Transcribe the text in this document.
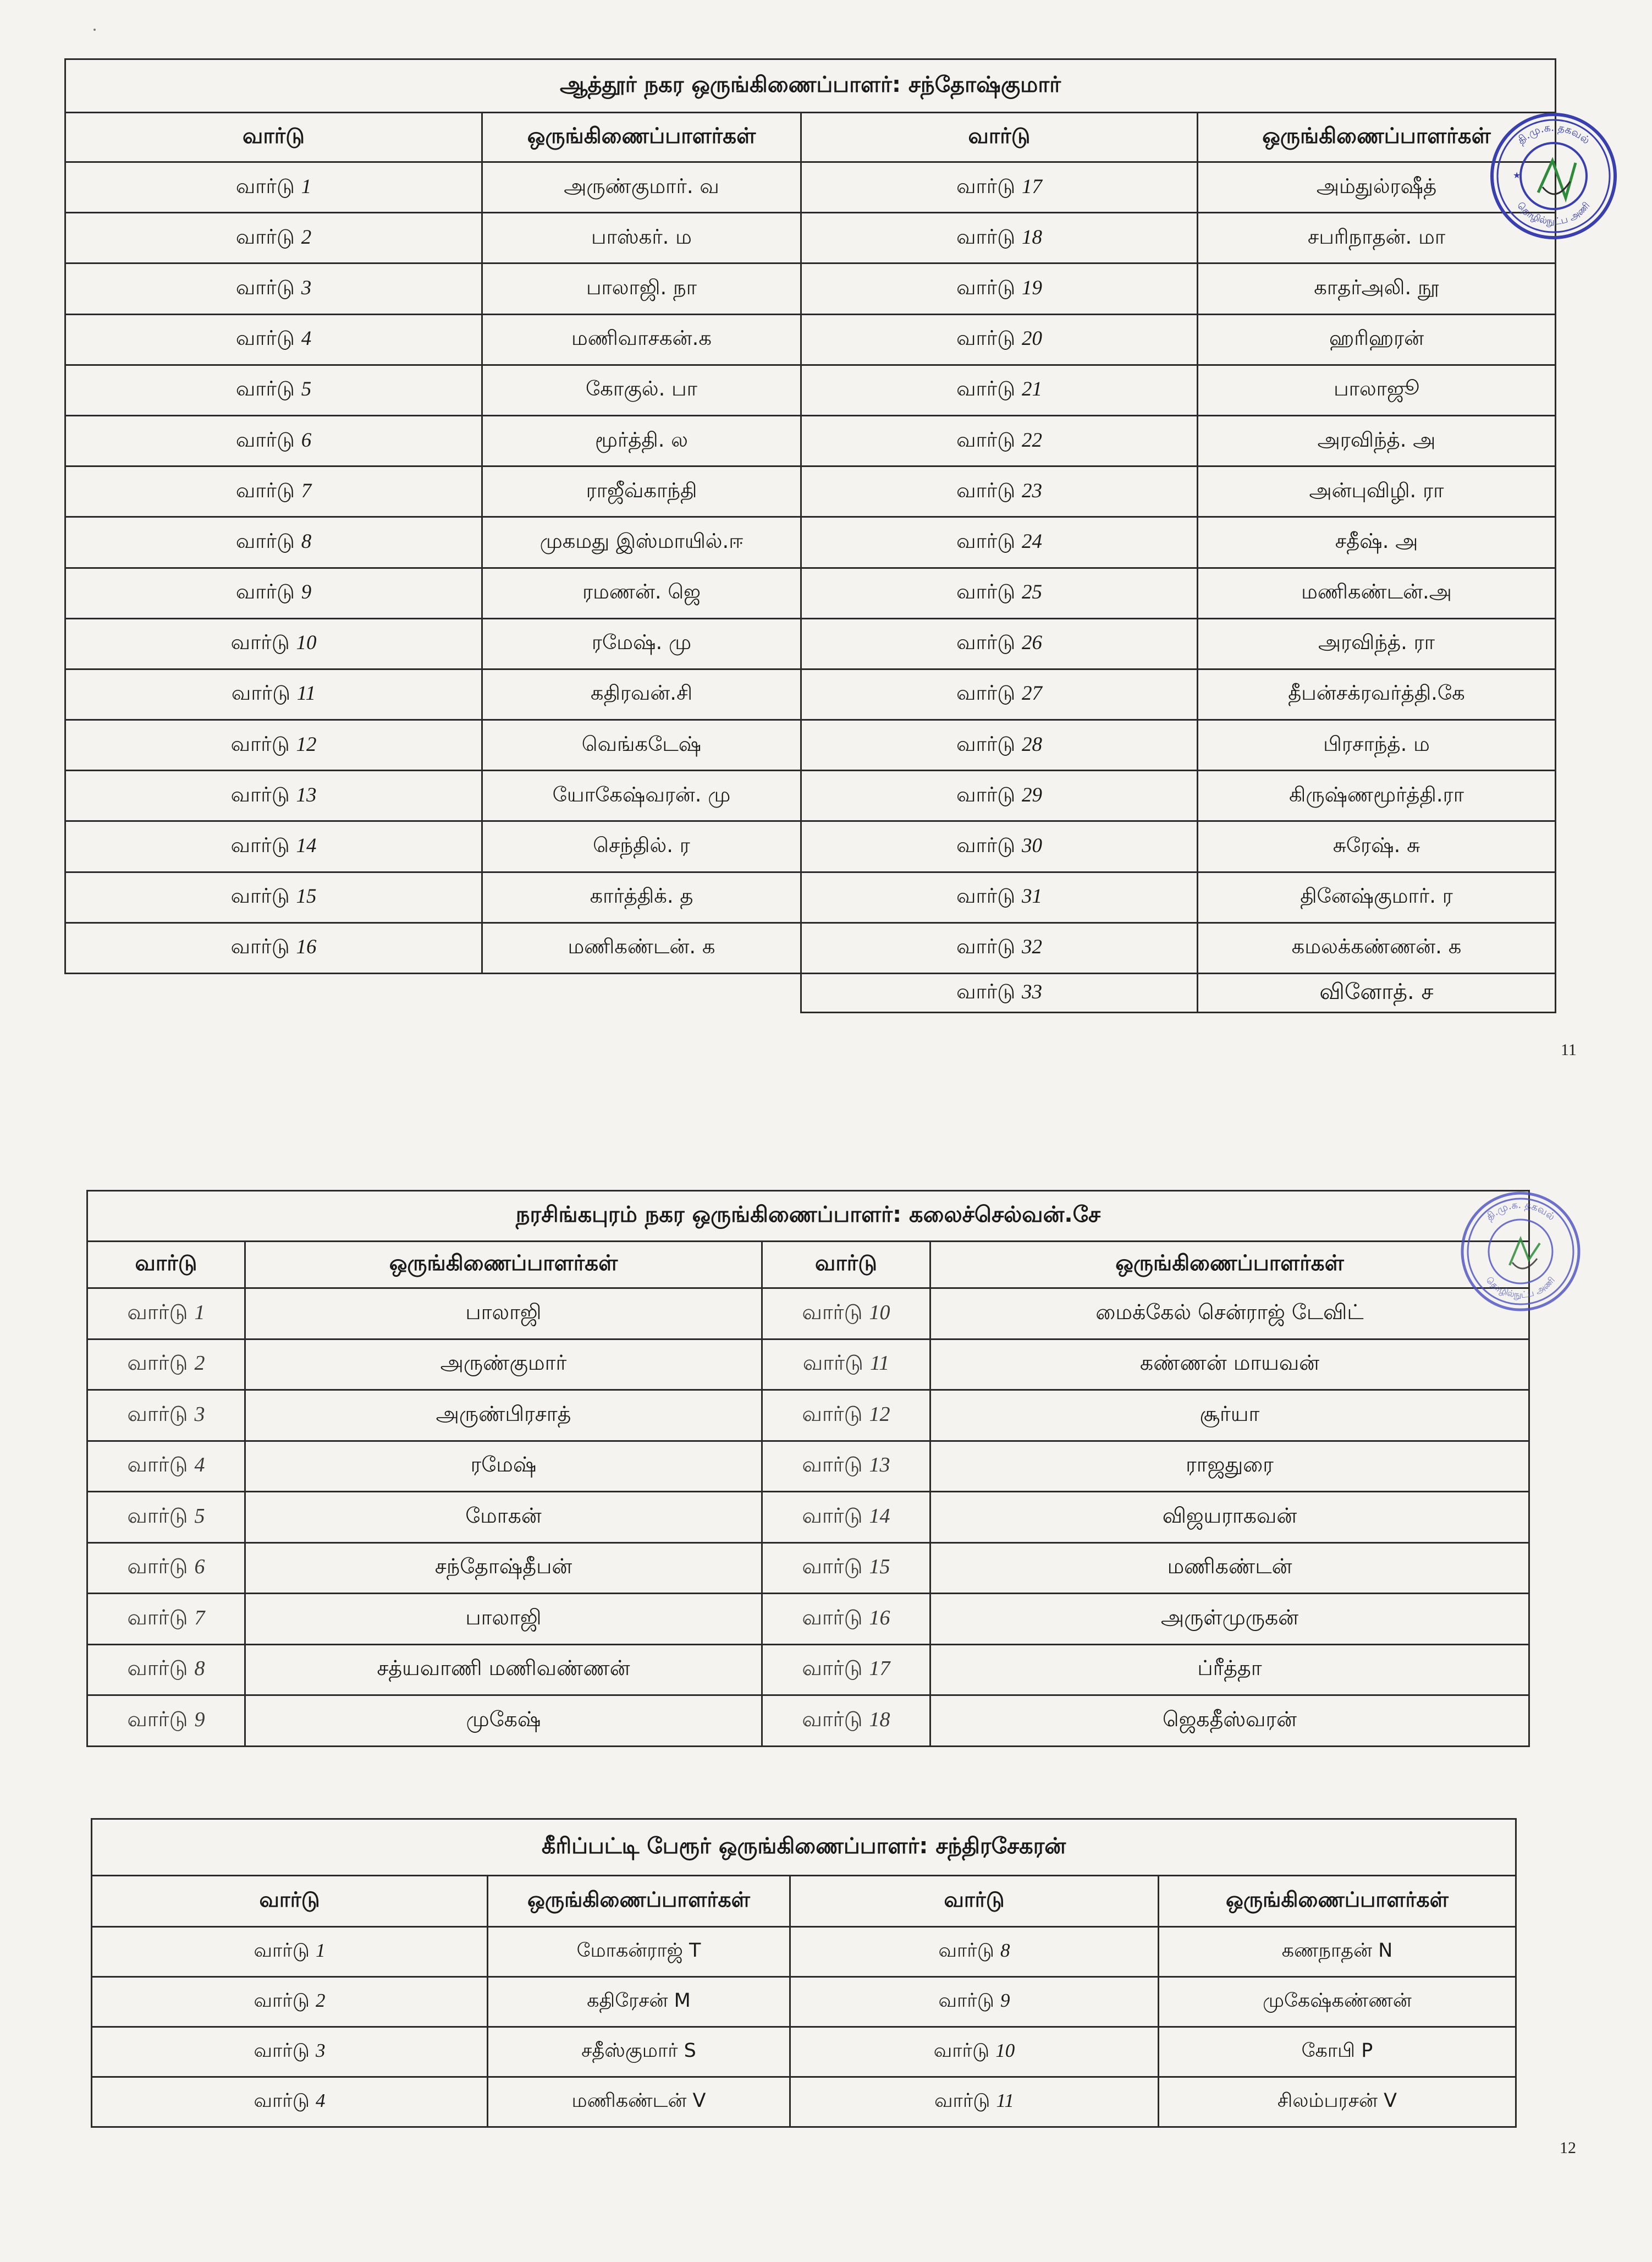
ஆத்தூர் நகர ஒருங்கிணைப்பாளர்: சந்தோஷ்குமார்			
வார்டு	ஒருங்கிணைப்பாளர்கள்	வார்டு	ஒருங்கிணைப்பாளர்கள்
வார்டு 1	அருண்குமார். வ	வார்டு 17	அம்துல்ரஷீத்
வார்டு 2	பாஸ்கர். ம	வார்டு 18	சபரிநாதன். மா
வார்டு 3	பாலாஜி. நா	வார்டு 19	காதர்அலி. நூ
வார்டு 4	மணிவாசகன்.க	வார்டு 20	ஹரிஹரன்
வார்டு 5	கோகுல். பா	வார்டு 21	பாலாஜூ
வார்டு 6	மூர்த்தி. ல	வார்டு 22	அரவிந்த். அ
வார்டு 7	ராஜீவ்காந்தி	வார்டு 23	அன்புவிழி. ரா
வார்டு 8	முகமது இஸ்மாயில்.ஈ	வார்டு 24	சதீஷ். அ
வார்டு 9	ரமணன். ஜெ	வார்டு 25	மணிகண்டன்.அ
வார்டு 10	ரமேஷ். மு	வார்டு 26	அரவிந்த். ரா
வார்டு 11	கதிரவன்.சி	வார்டு 27	தீபன்சக்ரவர்த்தி.கே
வார்டு 12	வெங்கடேஷ்	வார்டு 28	பிரசாந்த். ம
வார்டு 13	யோகேஷ்வரன். மு	வார்டு 29	கிருஷ்ணமூர்த்தி.ரா
வார்டு 14	செந்தில். ர	வார்டு 30	சுரேஷ். சு
வார்டு 15	கார்த்திக். த	வார்டு 31	தினேஷ்குமார். ர
வார்டு 16	மணிகண்டன். க	வார்டு 32	கமலக்கண்ணன். க
		வார்டு 33	வினோத். ச
11
நரசிங்கபுரம் நகர ஒருங்கிணைப்பாளர்: கலைச்செல்வன்.சே			
வார்டு	ஒருங்கிணைப்பாளர்கள்	வார்டு	ஒருங்கிணைப்பாளர்கள்
வார்டு 1	பாலாஜி	வார்டு 10	மைக்கேல் சென்ராஜ் டேவிட்
வார்டு 2	அருண்குமார்	வார்டு 11	கண்ணன் மாயவன்
வார்டு 3	அருண்பிரசாத்	வார்டு 12	சூர்யா
வார்டு 4	ரமேஷ்	வார்டு 13	ராஜதுரை
வார்டு 5	மோகன்	வார்டு 14	விஜயராகவன்
வார்டு 6	சந்தோஷ்தீபன்	வார்டு 15	மணிகண்டன்
வார்டு 7	பாலாஜி	வார்டு 16	அருள்முருகன்
வார்டு 8	சத்யவாணி மணிவண்ணன்	வார்டு 17	ப்ரீத்தா
வார்டு 9	முகேஷ்	வார்டு 18	ஜெகதீஸ்வரன்
கீரிப்பட்டி பேரூர் ஒருங்கிணைப்பாளர்: சந்திரசேகரன்			
வார்டு	ஒருங்கிணைப்பாளர்கள்	வார்டு	ஒருங்கிணைப்பாளர்கள்
வார்டு 1	மோகன்ராஜ் T	வார்டு 8	கணநாதன் N
வார்டு 2	கதிரேசன் M	வார்டு 9	முகேஷ்கண்ணன்
வார்டு 3	சதீஸ்குமார் S	வார்டு 10	கோபி P
வார்டு 4	மணிகண்டன் V	வார்டு 11	சிலம்பரசன் V
12
தி.மு.க. தகவல்
தொழில்நுட்ப அணி
★
தி.மு.க. தகவல்
தொழில்நுட்ப அணி
